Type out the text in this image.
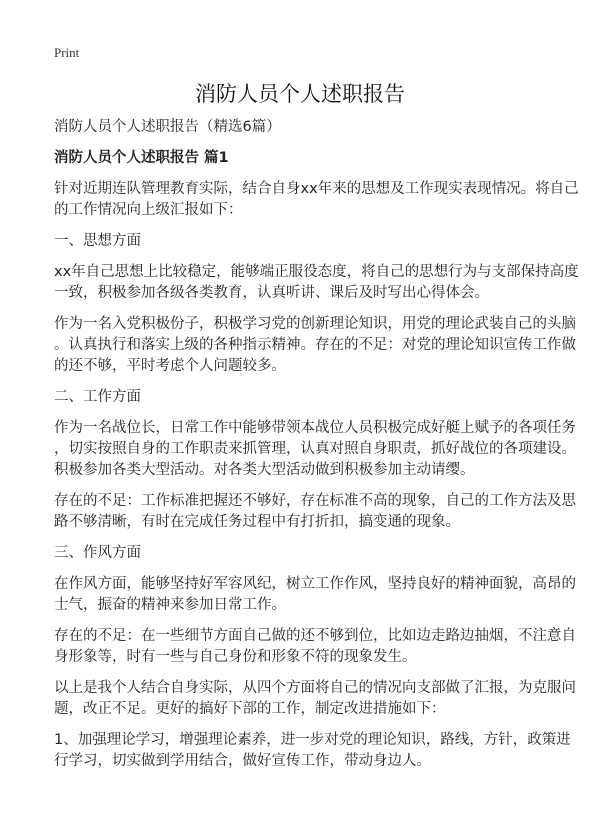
Print
消防人员个人述职报告
消防人员个人述职报告（精选6篇）
消防人员个人述职报告 篇1
针对近期连队管理教育实际，结合自身xx年来的思想及工作现实表现情况。将自己
的工作情况向上级汇报如下：
一、思想方面
xx年自己思想上比较稳定，能够端正服役态度，将自己的思想行为与支部保持高度
一致，积极参加各级各类教育，认真听讲、课后及时写出心得体会。
作为一名入党积极份子，积极学习党的创新理论知识，用党的理论武装自己的头脑
。认真执行和落实上级的各种指示精神。存在的不足：对党的理论知识宣传工作做
的还不够，平时考虑个人问题较多。
二、工作方面
作为一名战位长，日常工作中能够带领本战位人员积极完成好艇上赋予的各项任务
，切实按照自身的工作职责来抓管理，认真对照自身职责，抓好战位的各项建设。
积极参加各类大型活动。对各类大型活动做到积极参加主动请缨。
存在的不足：工作标准把握还不够好，存在标准不高的现象，自己的工作方法及思
路不够清晰，有时在完成任务过程中有打折扣，搞变通的现象。
三、作风方面
在作风方面，能够坚持好军容风纪，树立工作作风，坚持良好的精神面貌，高昂的
士气，振奋的精神来参加日常工作。
存在的不足：在一些细节方面自己做的还不够到位，比如边走路边抽烟，不注意自
身形象等，时有一些与自己身份和形象不符的现象发生。
以上是我个人结合自身实际，从四个方面将自己的情况向支部做了汇报，为克服问
题，改正不足。更好的搞好下部的工作，制定改进措施如下：
1、加强理论学习，增强理论素养，进一步对党的理论知识，路线，方针，政策进
行学习，切实做到学用结合，做好宣传工作，带动身边人。
